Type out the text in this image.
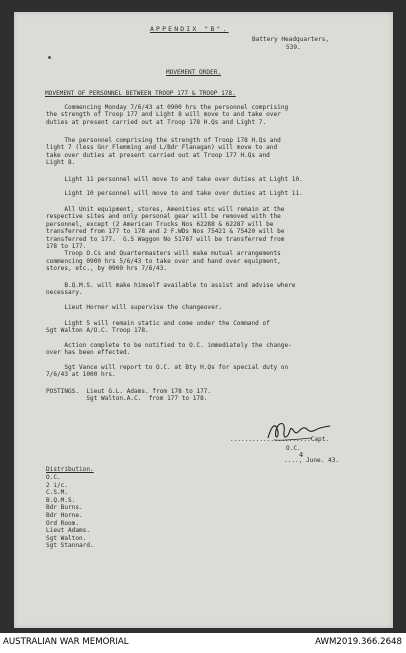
APPENDIX "B".
Battery Headquarters,
539.
MOVEMENT ORDER.
MOVEMENT OF PERSONNEL BETWEEN TROOP 177 & TROOP 178.
Commencing Monday 7/6/43 at 0900 hrs the personnel comprising
the strength of Troop 177 and Light 8 will move to and take over
duties at present carried out at Troop 178 H.Qs and Light 7.
The personnel comprising the strength of Troop 178 H.Qs and
light 7 (less Gnr Flemming and L/Bdr Flanagan) will move to and
take over duties at present carried out at Troop 177 H.Qs and
Light 8.
Light 11 personnel will move to and take over duties at Light 10.
Light 10 personnel will move to and take over duties at Light 11.
All Unit equipment, stores, Amenities etc will remain at the
respective sites and only personal gear will be removed with the
personnel, except (2 American Trucks Nos 62288 & 62287 will be
transferred from 177 to 178 and 2 F.WDs Nos 75421 & 75420 will be
transferred to 177.  G.S Waggon No 51787 will be transferred from
178 to 177.
Troop O.Cs and Quartermasters will make mutual arrangements
commencing 0900 hrs 5/6/43 to take over and hand over equipment,
stores, etc., by 0900 hrs 7/6/43.
B.Q.M.S. will make himself available to assist and advise where
necessary.
Lieut Horner will supervise the changeover.
Light 5 will remain static and come under the Command of
Sgt Walton A/O.C. Troop 178.
Action complete to be notified to O.C. immediately the change-
over has been effected.
Sgt Vance will report to O.C. at Bty H.Qs for special duty on
7/6/43 at 1000 hrs.
POSTINGS.  Lieut G.L. Adams. from 178 to 177.
Sgt Walton.A.C.  from 177 to 178.
......................Capt.
O.C.
4
...., June. 43.
Distribution.
O.C.
2 i/c.
C.S.M.
B.Q.M.S.
Bdr Burns.
Bdr Horne.
Ord Room.
Lieut Adams.
Sgt Walton.
Sgt Stannard.
AUSTRALIAN WAR MEMORIAL	AWM2019.366.2648
